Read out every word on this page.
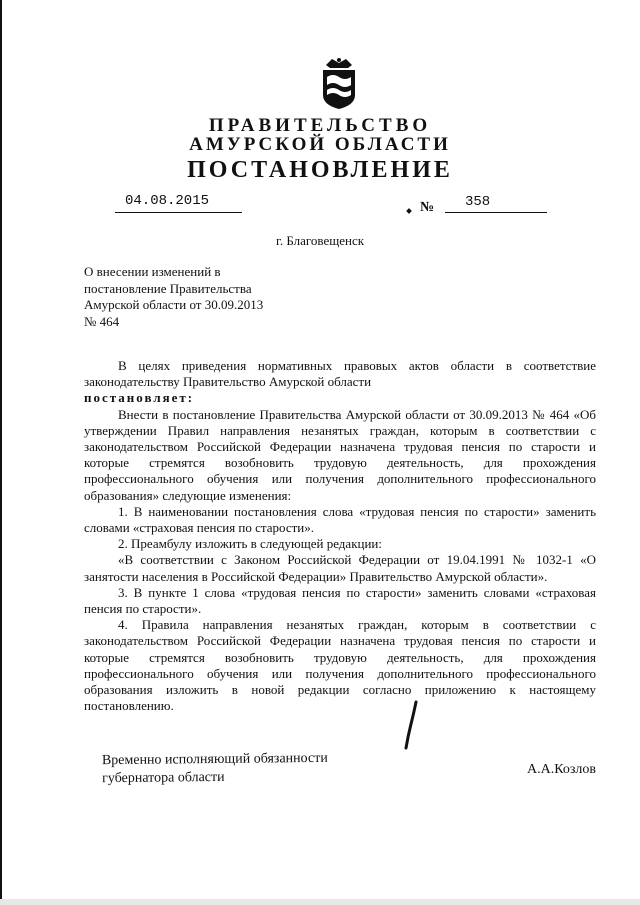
ПРАВИТЕЛЬСТВО
АМУРСКОЙ ОБЛАСТИ
ПОСТАНОВЛЕНИЕ
04.08.2015	№ 358
г. Благовещенск
О внесении изменений в
постановление Правительства
Амурской области от 30.09.2013
№ 464

В целях приведения нормативных правовых актов области в соответствие законодательству Правительство Амурской области

постановляет:

Внести в постановление Правительства Амурской области от 30.09.2013 № 464 «Об утверждении Правил направления незанятых граждан, которым в соответствии с законодательством Российской Федерации назначена трудовая пенсия по старости и которые стремятся возобновить трудовую деятельность, для прохождения профессионального обучения или получения дополнительного профессионального образования» следующие изменения:

1. В наименовании постановления слова «трудовая пенсия по старости» заменить словами «страховая пенсия по старости».

2. Преамбулу изложить в следующей редакции:

«В соответствии с Законом Российской Федерации от 19.04.1991 № 1032-1 «О занятости населения в Российской Федерации» Правительство Амурской области».

3. В пункте 1 слова «трудовая пенсия по старости» заменить словами «страховая пенсия по старости».

4. Правила направления незанятых граждан, которым в соответствии с законодательством Российской Федерации назначена трудовая пенсия по старости и которые стремятся возобновить трудовую деятельность, для прохождения профессионального обучения или получения дополнительного профессионального образования изложить в новой редакции согласно приложению к настоящему постановлению.

Временно исполняющий обязанности
губернатора области
А.А.Козлов
